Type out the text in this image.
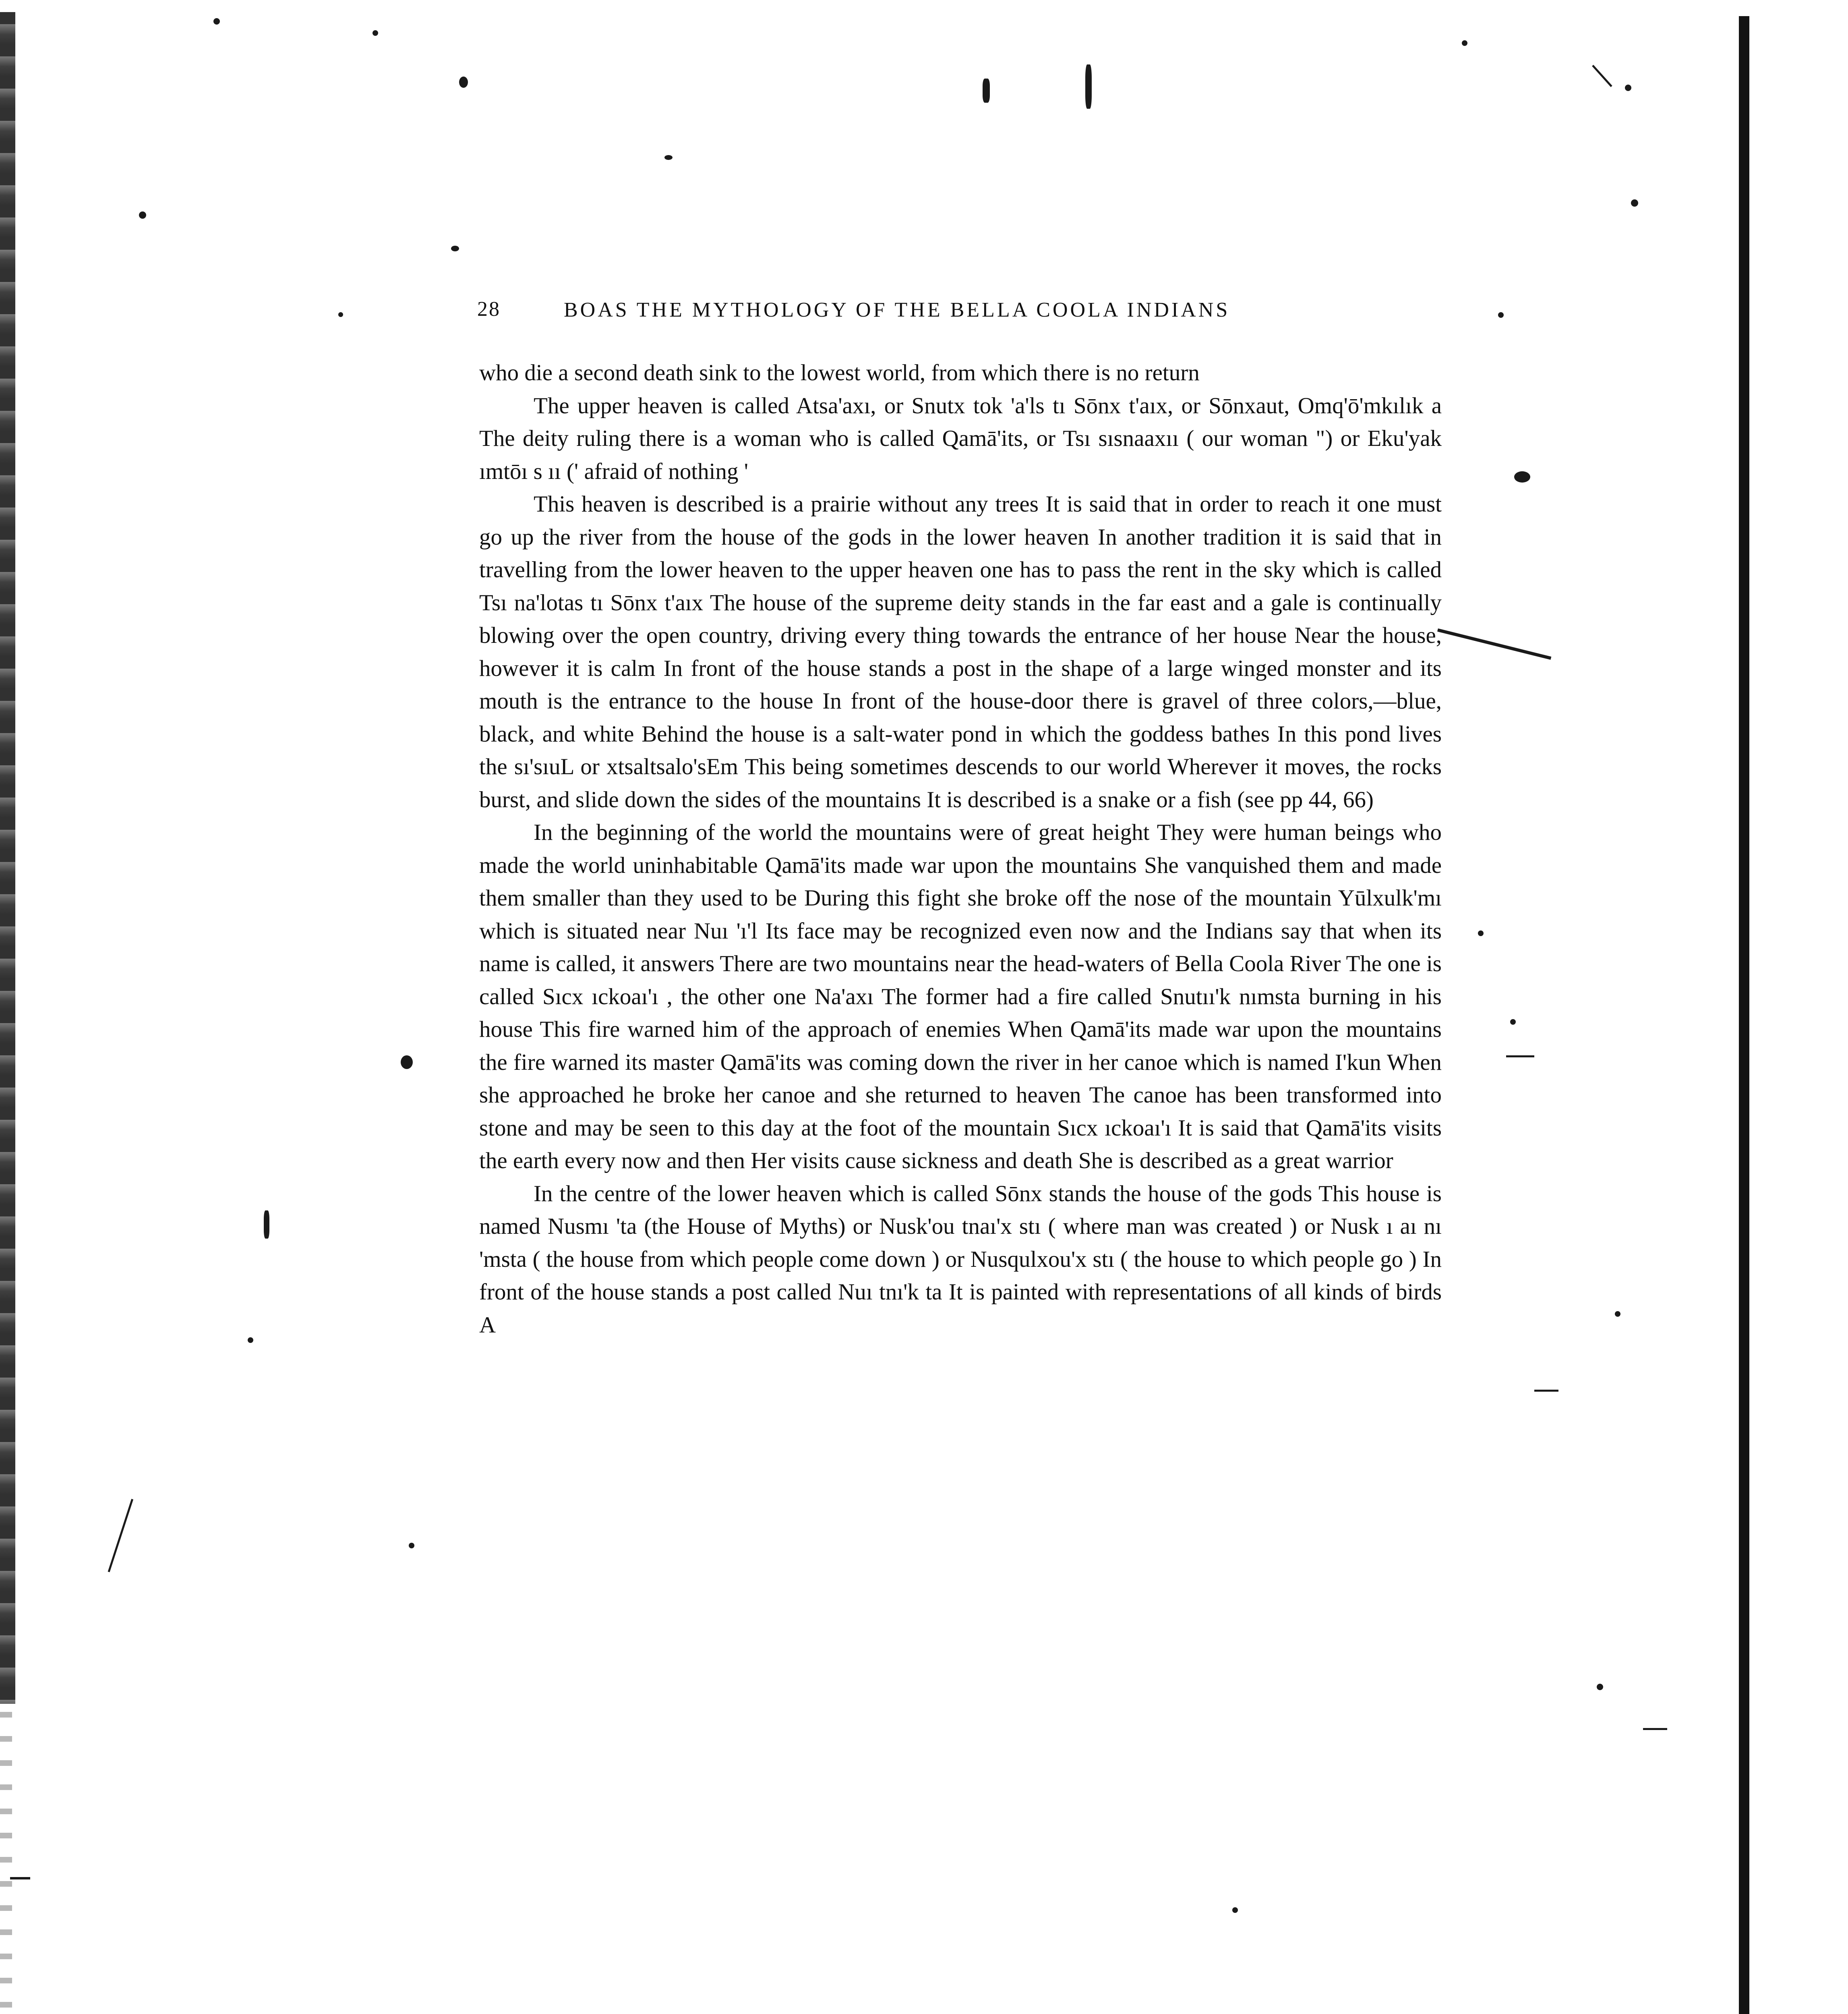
28	BOAS THE MYTHOLOGY OF THE BELLA COOLA INDIANS

who die a second death sink to the lowest world, from which there is no return

The upper heaven is called Atsa'axı, or Snutx tok 'a'ls tı Sōnx t'aıx, or Sōnxaut, Omq'ō'mkılık a The deity ruling there is a woman who is called Qamā'its, or Tsı sısnaaxıı ( our woman ") or Eku'yak ımtōı s ıı (' afraid of nothing '

This heaven is described is a prairie without any trees It is said that in order to reach it one must go up the river from the house of the gods in the lower heaven In another tradition it is said that in travelling from the lower heaven to the upper heaven one has to pass the rent in the sky which is called Tsı na'lotas tı Sōnx t'aıx The house of the supreme deity stands in the far east and a gale is continually blowing over the open country, driving every thing towards the entrance of her house Near the house, however it is calm In front of the house stands a post in the shape of a large winged monster and its mouth is the entrance to the house In front of the house-door there is gravel of three colors,—blue, black, and white Behind the house is a salt-water pond in which the goddess bathes In this pond lives the sı'sıuL or xtsaltsalo'sEm This being sometimes descends to our world Wherever it moves, the rocks burst, and slide down the sides of the mountains It is described is a snake or a fish (see pp 44, 66)

In the beginning of the world the mountains were of great height They were human beings who made the world uninhabitable Qamā'its made war upon the mountains She vanquished them and made them smaller than they used to be During this fight she broke off the nose of the mountain Yūlxulk'mı which is situated near Nuı 'ı'l Its face may be recognized even now and the Indians say that when its name is called, it answers There are two mountains near the head-waters of Bella Coola River The one is called Sıcx ıckoaı'ı , the other one Na'axı The former had a fire called Snutıı'k nımsta burning in his house This fire warned him of the approach of enemies When Qamā'its made war upon the mountains the fire warned its master Qamā'its was coming down the river in her canoe which is named I'kun When she approached he broke her canoe and she returned to heaven The canoe has been transformed into stone and may be seen to this day at the foot of the mountain Sıcx ıckoaı'ı It is said that Qamā'its visits the earth every now and then Her visits cause sickness and death She is described as a great warrior

In the centre of the lower heaven which is called Sōnx stands the house of the gods This house is named Nusmı 'ta (the House of Myths) or Nusk'ou tnaı'x stı ( where man was created ) or Nusk ı aı nı 'msta ( the house from which people come down ) or Nusqulxou'x stı ( the house to which people go ) In front of the house stands a post called Nuı tnı'k ta It is painted with representations of all kinds of birds A
